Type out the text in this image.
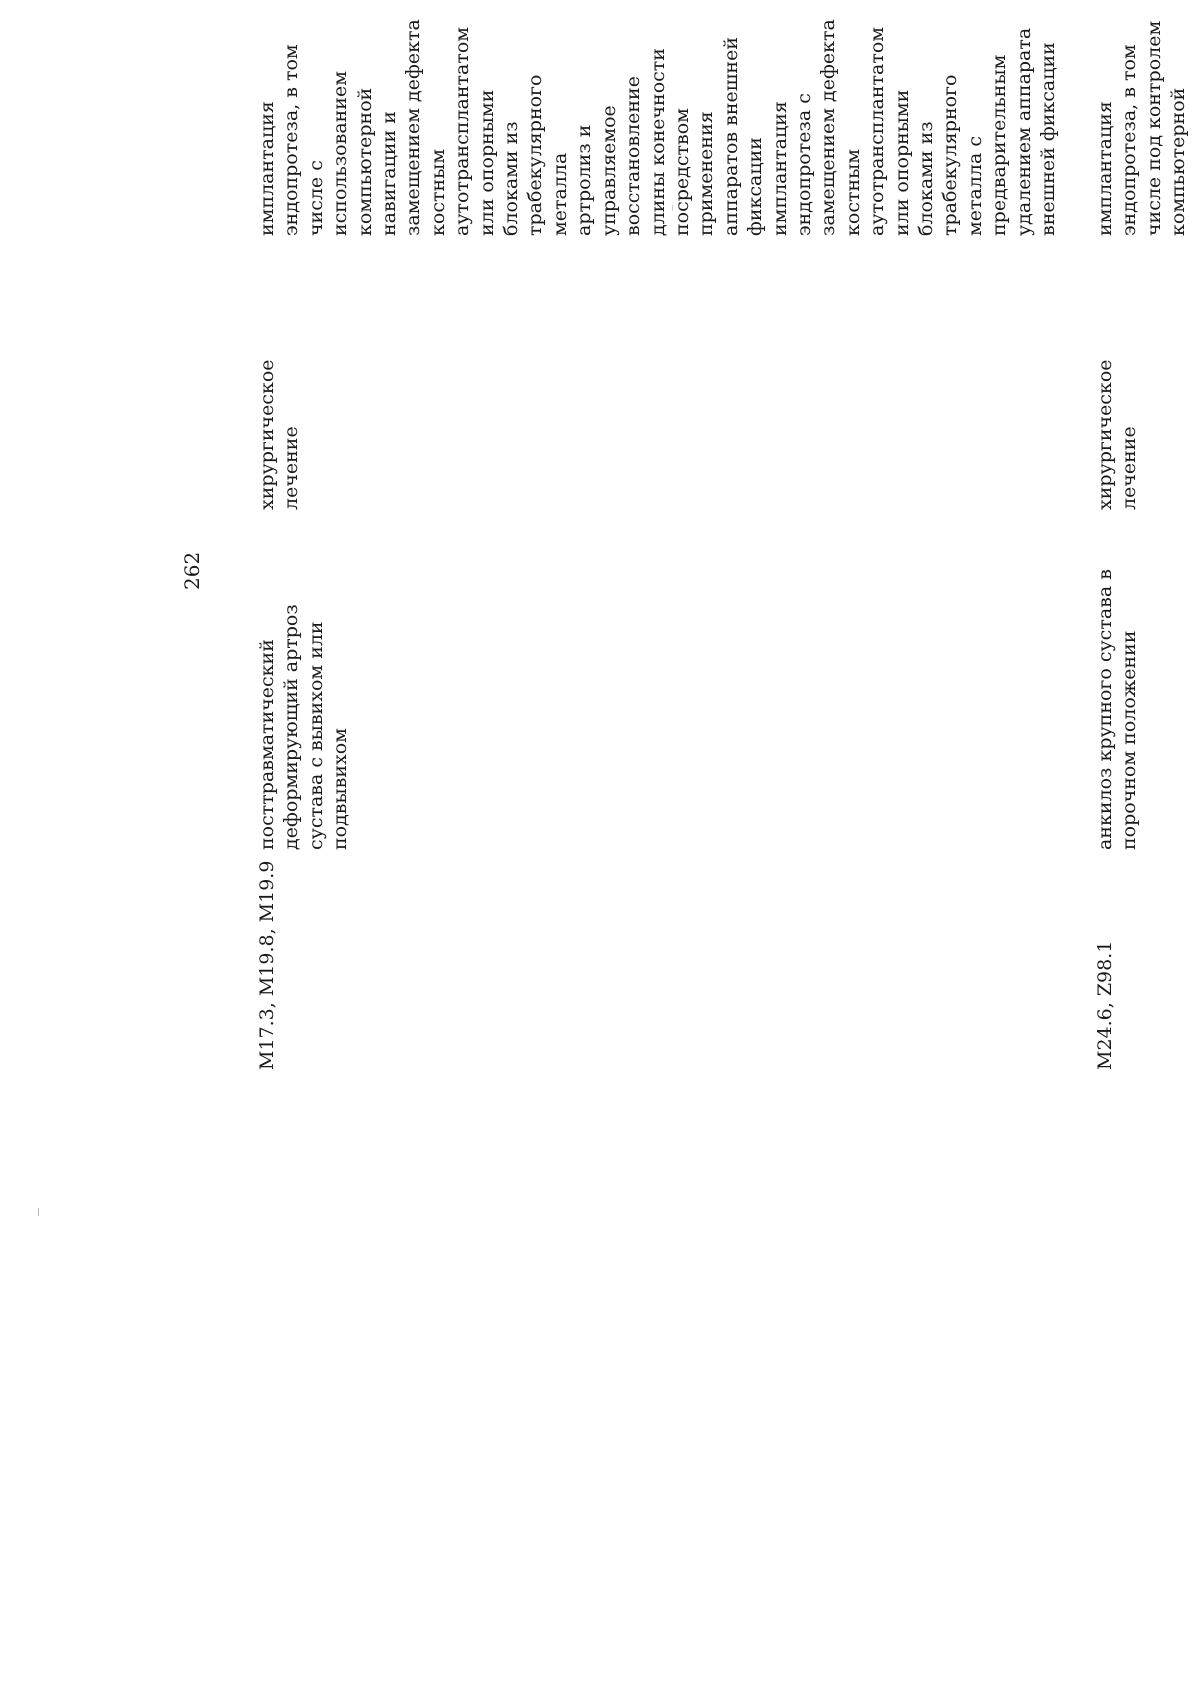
262
M17.3, M19.8, M19.9
посттравматический деформирующий артроз сустава с вывихом или подвывихом
хирургическое лечение
имплантация эндопротеза, в том числе с использованием компьютерной навигации и замещением дефекта костным аутотрансплантатом или опорными блоками из трабекулярного металла артролиз и управляемое восстановление длины конечности посредством применения аппаратов внешней фиксации имплантация эндопротеза с замещением дефекта костным аутотрансплантатом или опорными блоками из трабекулярного металла с предварительным удалением аппарата внешней фиксации
M24.6, Z98.1
анкилоз крупного сустава в порочном положении
хирургическое лечение
имплантация эндопротеза, в том числе под контролем компьютерной
